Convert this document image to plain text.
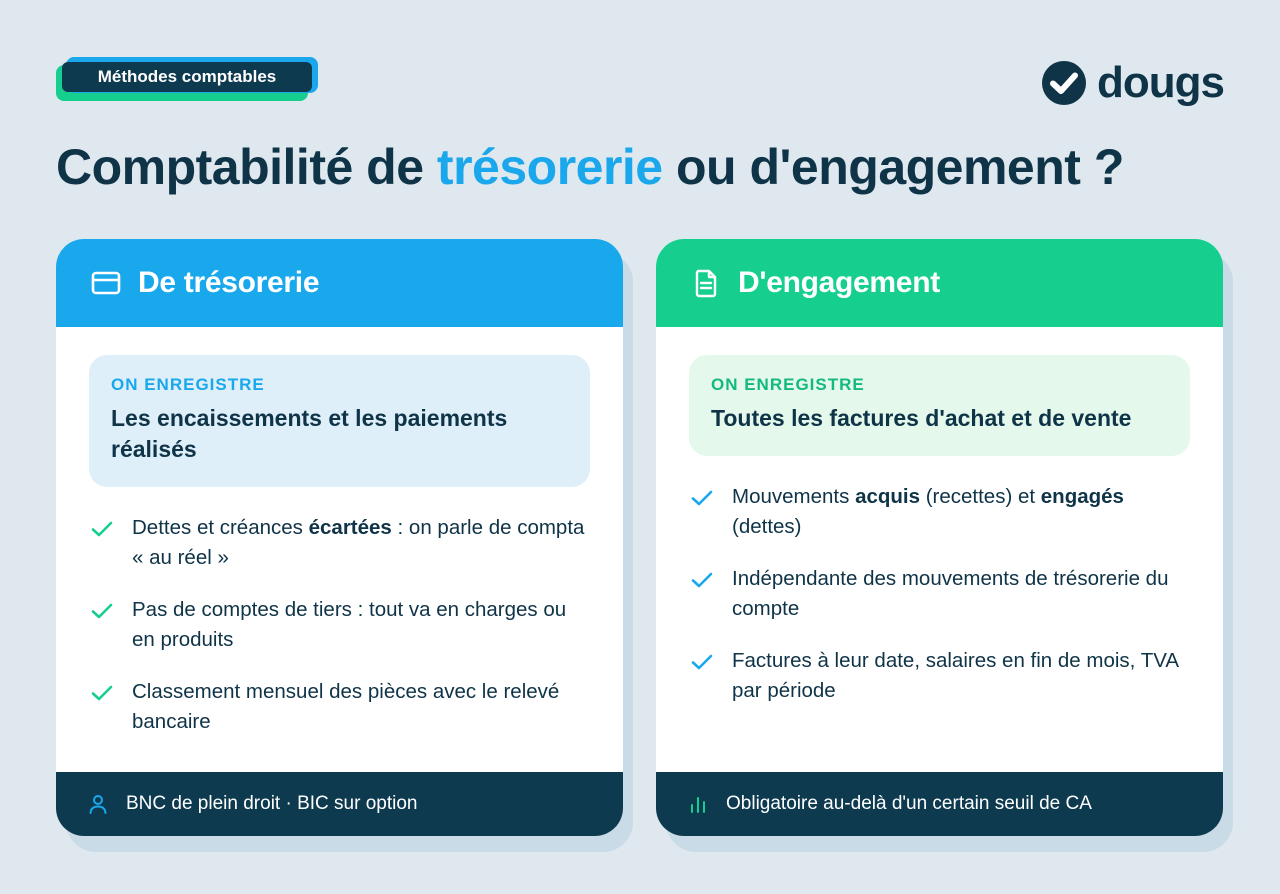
Méthodes comptables	dougs
Comptabilité de trésorerie ou d'engagement ?
De trésorerie
ON ENREGISTRE
Les encaissements et les paiements réalisés
Dettes et créances écartées : on parle de compta « au réel »
Pas de comptes de tiers : tout va en charges ou en produits
Classement mensuel des pièces avec le relevé bancaire
BNC de plein droit · BIC sur option
D'engagement
ON ENREGISTRE
Toutes les factures d'achat et de vente
Mouvements acquis (recettes) et engagés (dettes)
Indépendante des mouvements de trésorerie du compte
Factures à leur date, salaires en fin de mois, TVA par période
Obligatoire au-delà d'un certain seuil de CA
